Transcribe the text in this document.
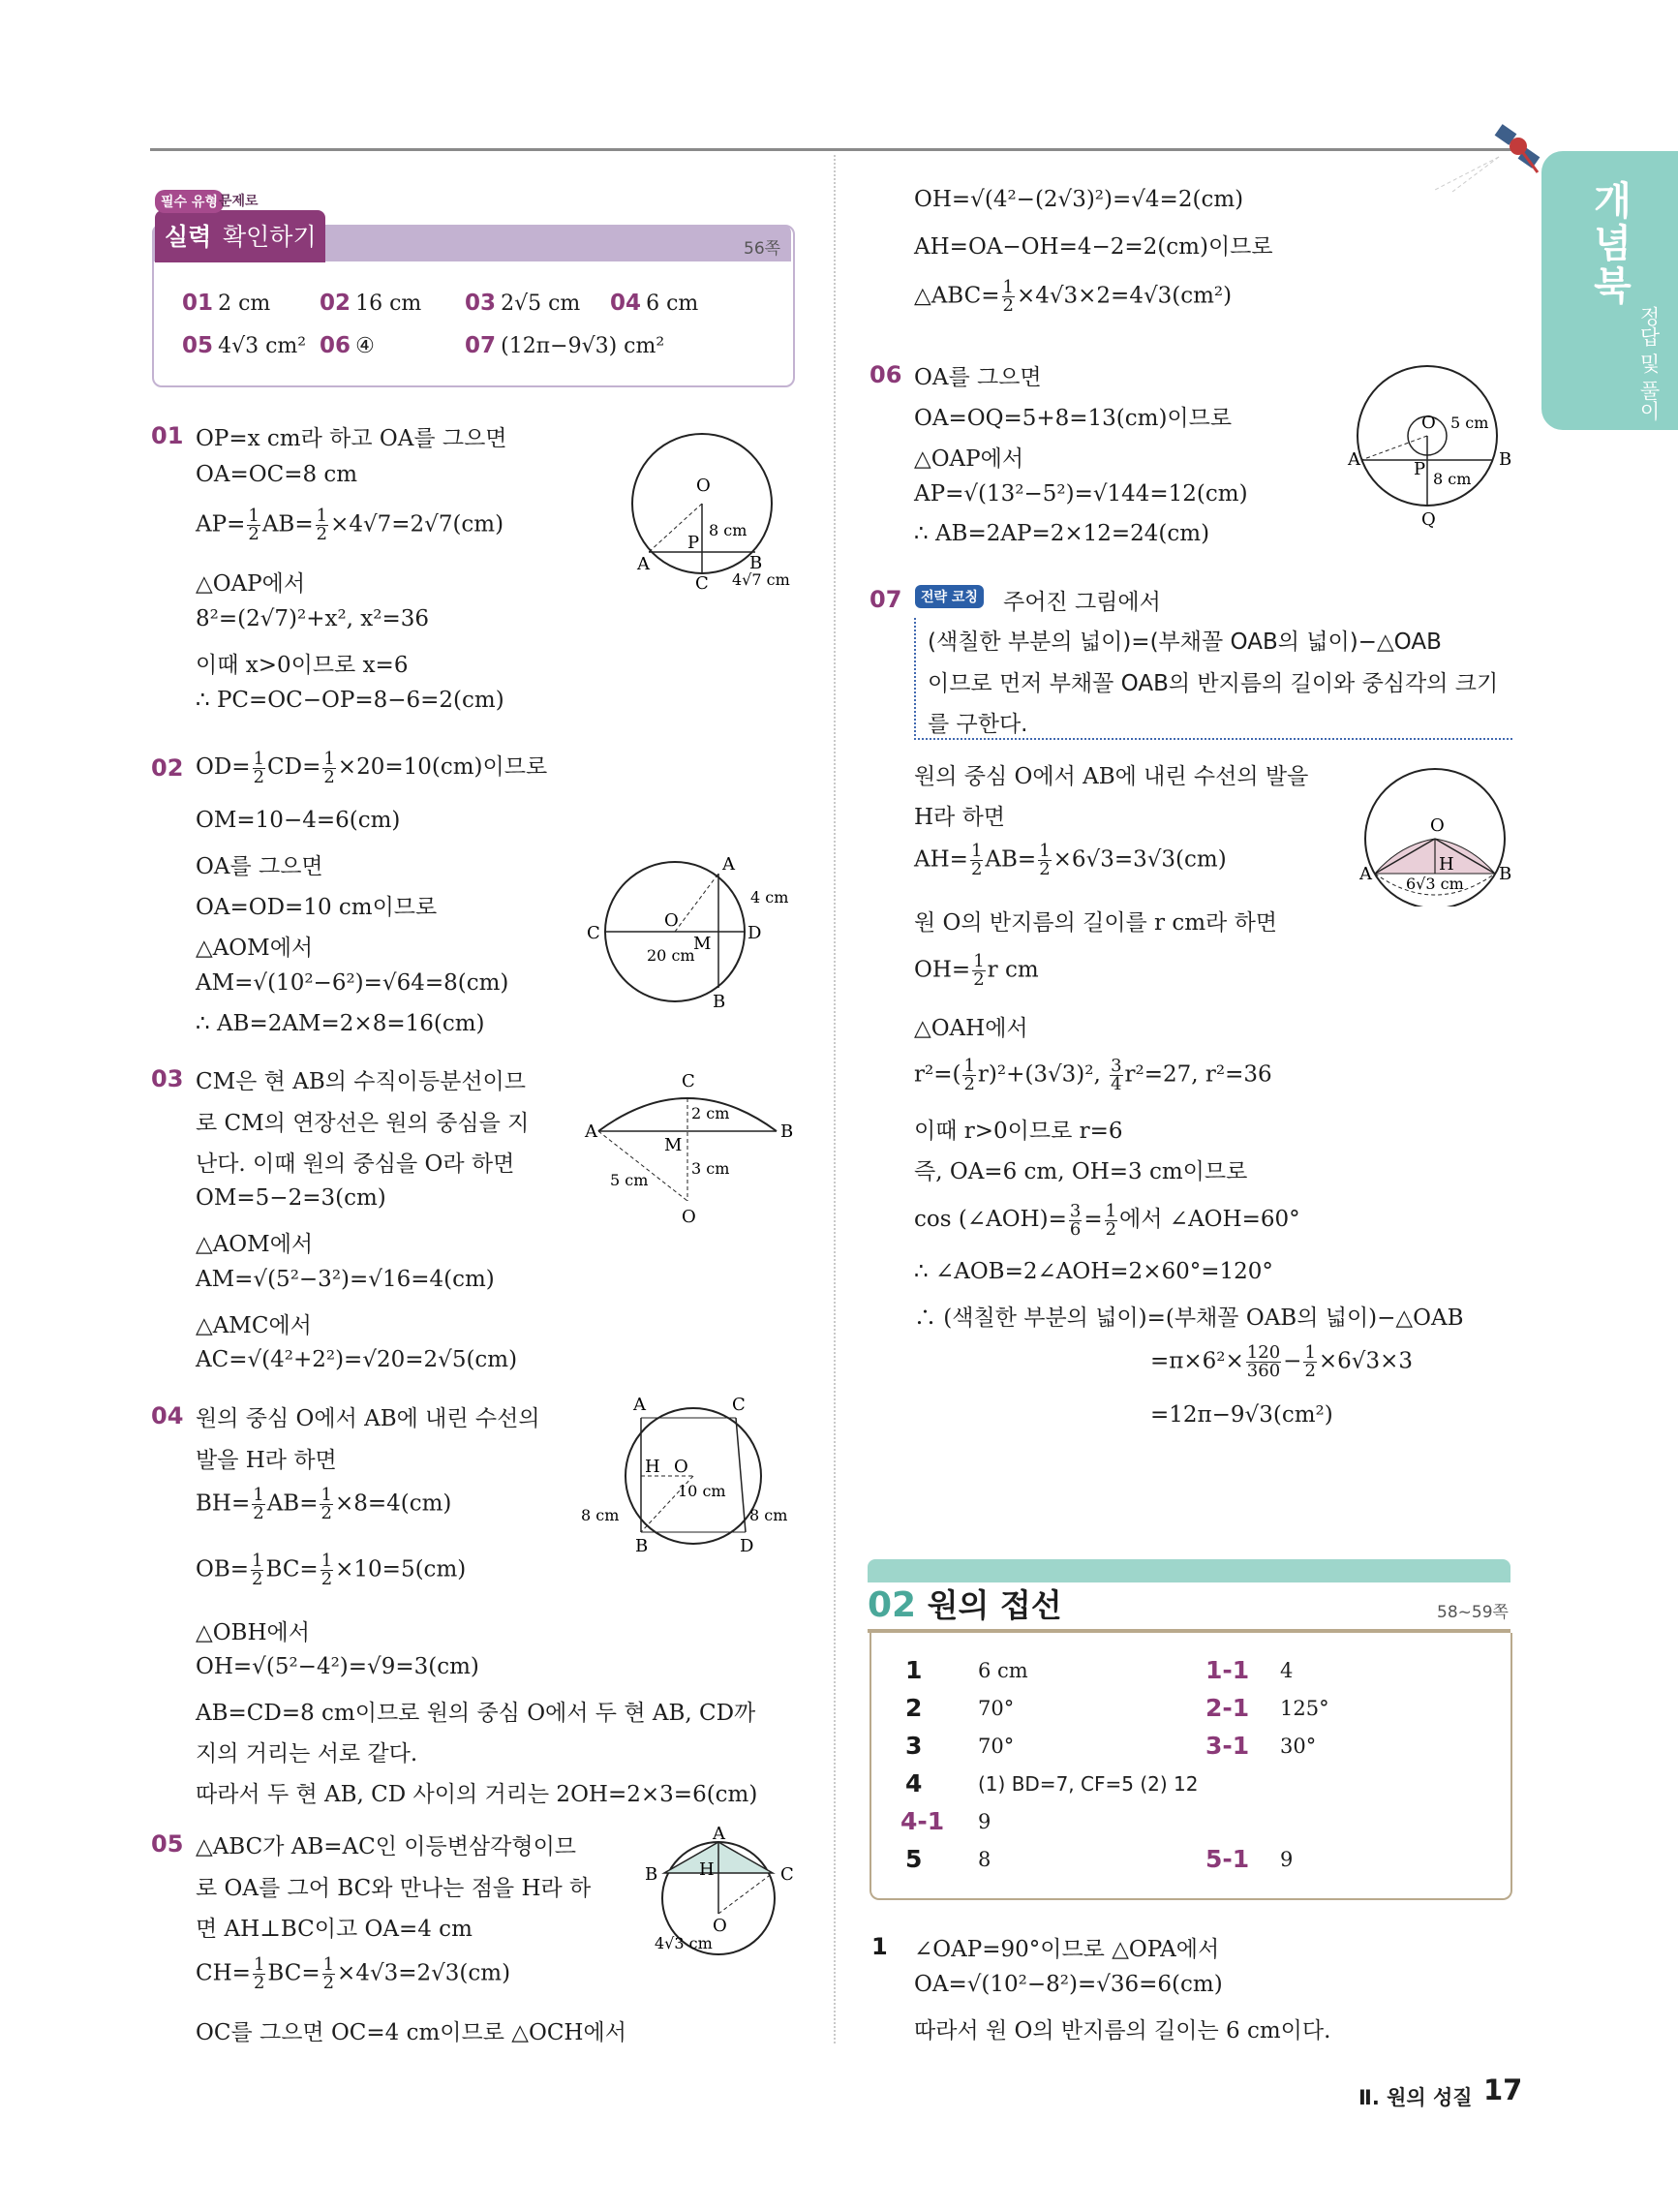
개념북
정답 및 풀이
실력 확인하기
필수 유형 문제로
56쪽
01 2 cm 02 16 cm 03 2√5 cm 04 6 cm
05 4√3 cm² 06 ④	07 (12π−9√3) cm²
01 OP=x cm라 하고 OA를 그으면
OA=OC=8 cm
$AP= \frac{1}{2} AB= \frac{1}{2} \times 4√7=2√7(cm)$
△OAP에서
8²=(2√7)²+x², x²=36
이때 x>0이므로 x=6
∴ PC=OC−OP=8−6=2(cm)
O
P
A	B
C
8 cm
4√7 cm
02 $OD= \frac{1}{2} CD= \frac{1}{2} \times 20=10(cm)$이므로
OM=10−4=6(cm)
OA를 그으면
OA=OD=10 cm이므로
△AOM에서
AM=√(10²−6²)=√64=8(cm)
∴ AB=2AM=2×8=16(cm)
A
B
C	D
O
M
4 cm
20 cm
03 CM은 현 AB의 수직이등분선이므
로 CM의 연장선은 원의 중심을 지
난다. 이때 원의 중심을 O라 하면
OM=5−2=3(cm)
△AOM에서
AM=√(5²−3²)=√16=4(cm)
△AMC에서
AC=√(4²+2²)=√20=2√5(cm)
A	B
C
M
O
2 cm
3 cm
5 cm
04 원의 중심 O에서 AB에 내린 수선의
발을 H라 하면
$BH= \frac{1}{2} AB= \frac{1}{2} \times 8=4(cm)$
$OB= \frac{1}{2} BC= \frac{1}{2} \times 10=5(cm)$
△OBH에서
OH=√(5²−4²)=√9=3(cm)
AB=CD=8 cm이므로 원의 중심 O에서 두 현 AB, CD까
지의 거리는 서로 같다.
따라서 두 현 AB, CD 사이의 거리는 2OH=2×3=6(cm)
A
B
C
D
H O
10 cm
8 cm	8 cm
05 △ABC가 AB=AC인 이등변삼각형이므
로 OA를 그어 BC와 만나는 점을 H라 하
면 AH⊥BC이고 OA=4 cm
$CH= \frac{1}{2} BC= \frac{1}{2} \times 4√3=2√3(cm)$
OC를 그으면 OC=4 cm이므로 △OCH에서
A
B	C
H
O
4√3 cm
OH=√(4²−(2√3)²)=√4=2(cm)
AH=OA−OH=4−2=2(cm)이므로
△ABC= $\frac{1}{2} \times 4√3\times 2=4√3(cm^2)$
06 OA를 그으면
OA=OQ=5+8=13(cm)이므로
△OAP에서
AP=√(13²−5²)=√144=12(cm)
∴ AB=2AP=2×12=24(cm)
O
P
A	B
Q
5 cm
8 cm
07	전략 코칭 주어진 그림에서
(색칠한 부분의 넓이)=(부채꼴 OAB의 넓이)−△OAB
이므로 먼저 부채꼴 OAB의 반지름의 길이와 중심각의 크기
를 구한다.
원의 중심 O에서 AB에 내린 수선의 발을
H라 하면
$AH= \frac{1}{2} AB= \frac{1}{2} \times 6√3=3√3(cm)$
원 O의 반지름의 길이를 r cm라 하면
$OH= \frac{1}{2}$ r cm
△OAH에서
$r^2=( \frac{1}{2} r)^2+(3√3)^2$, $\frac{3}{4} r^2=27$, r²=36
이때 r>0이므로 r=6
즉, OA=6 cm, OH=3 cm이므로
cos (∠AOH)= $\frac{3}{6} = \frac{1}{2}$ 에서 ∠AOH=60°
∴ ∠AOB=2∠AOH=2×60°=120°
∴ (색칠한 부분의 넓이)=(부채꼴 OAB의 넓이)−△OAB
$=\pi\times 6^2\times \frac{120}{360} - \frac{1}{2} \times 6√3\times 3$
=12π−9√3(cm²)
O
H
A	B
6√3 cm
02 원의 접선	58~59쪽
1	6 cm	1-1 4
2	70°	2-1 125°
3	70°	3-1 30°
4	(1) BD=7, CF=5 (2) 12
4-1 9
5	8	5-1 9
1 ∠OAP=90°이므로 △OPA에서
OA=√(10²−8²)=√36=6(cm)
따라서 원 O의 반지름의 길이는 6 cm이다.
Ⅱ. 원의 성질 17
